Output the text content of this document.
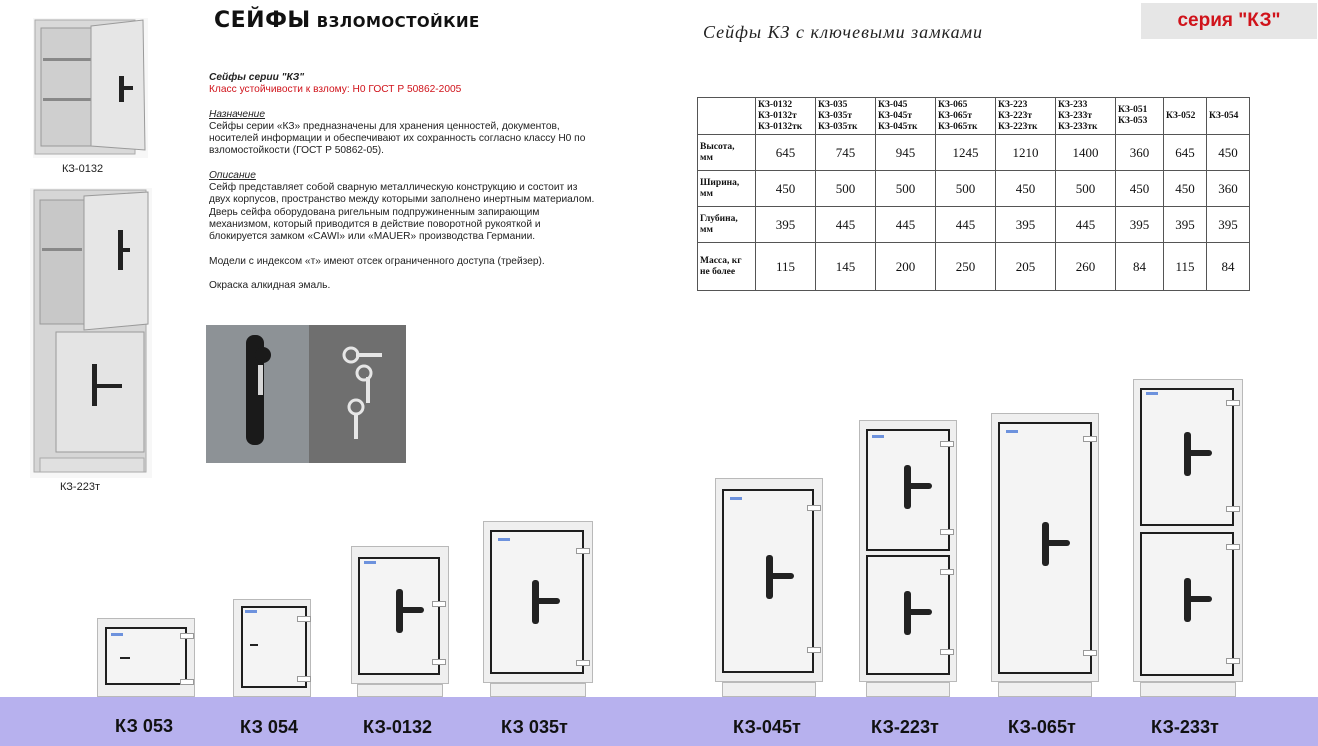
СЕЙФЫ ВЗЛОМОСТОЙКИЕ	Сейфы КЗ с ключевыми замками
серия "КЗ"
КЗ-0132
КЗ-223т

Сейфы серии "КЗ"

Класс устойчивости к взлому: Н0 ГОСТ Р 50862-2005

Назначение

Сейфы серии «КЗ» предназначены для хранения ценностей, документов, носителей информации и обеспечивают их сохранность согласно классу Н0 по взломостойкости (ГОСТ Р 50862-05).

Описание

Сейф представляет собой сварную металлическую конструкцию и состоит из двух корпусов, пространство между которыми заполнено инертным материалом.

Дверь сейфа оборудована ригельным подпружиненным запирающим механизмом, который приводится в действие поворотной рукояткой и блокируется замком «CAWI» или «MAUER» производства Германии.

Модели с индексом «т» имеют отсек ограниченного доступа (трейзер).

Окраска алкидная эмаль.

	КЗ-0132
КЗ-0132т
КЗ-0132тк	КЗ-035
КЗ-035т
КЗ-035тк	КЗ-045
КЗ-045т
КЗ-045тк	КЗ-065
КЗ-065т
КЗ-065тк	КЗ-223
КЗ-223т
КЗ-223тк	КЗ-233
КЗ-233т
КЗ-233тк	КЗ-051
КЗ-053	КЗ-052	КЗ-054
Высота,
мм	645	745	945	1245	1210	1400	360	645	450
Ширина,
мм	450	500	500	500	450	500	450	450	360
Глубина,
мм	395	445	445	445	395	445	395	395	395
Масса, кг
не более	115	145	200	250	205	260	84	115	84
КЗ 053	КЗ 054	КЗ-0132	КЗ 035т	КЗ-045т	КЗ-223т	КЗ-065т	КЗ-233т
